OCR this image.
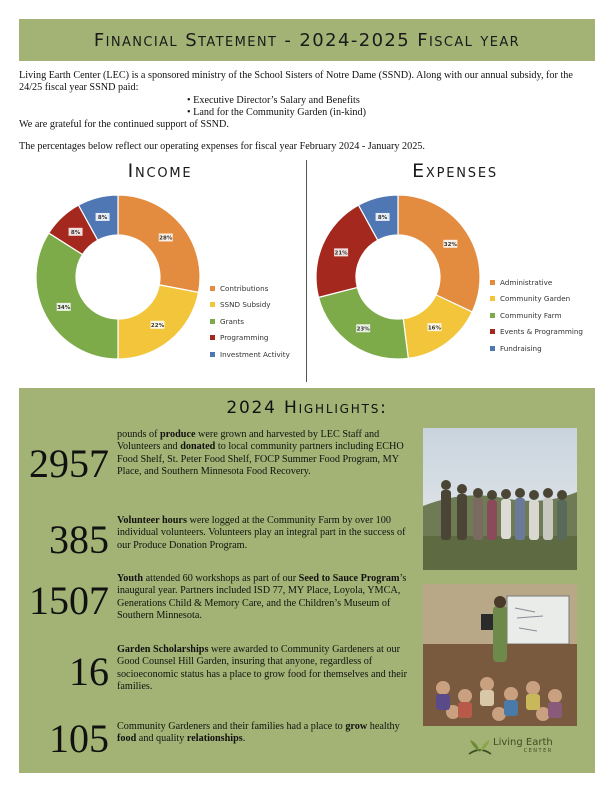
Financial Statement - 2024-2025 Fiscal year

Living Earth Center (LEC) is a sponsored ministry of the School Sisters of Notre Dame (SSND). Along with our annual subsidy, for the 24/25 fiscal year SSND paid:

• Executive Director’s Salary and Benefits
• Land for the Community Garden (in-kind)

We are grateful for the continued support of SSND.

The percentages below reflect our operating expenses for fiscal year February 2024 - January 2025.

Income
28%
22%
34%
8%
8%
Contributions
SSND Subsidy
Grants
Programming
Investment Activity
Expenses
32%
16%
23%
21%
8%
Administrative
Community Garden
Community Farm
Events & Programming
Fundraising
2024 Highlights:
2957
pounds of produce were grown and harvested by LEC Staff and Volunteers and donated to local community partners including ECHO Food Shelf, St. Peter Food Shelf, FOCP Summer Food Program, MY Place, and Southern Minnesota Food Recovery.
385 Volunteer hours were logged at the Community Farm by over 100 individual volunteers. Volunteers play an integral part in the success of our Produce Donation Program.
1507 Youth attended 60 workshops as part of our Seed to Sauce Program’s inaugural year. Partners included ISD 77, MY Place, Loyola, YMCA, Generations Child & Memory Care, and the Children’s Museum of Southern Minnesota.
16 Garden Scholarships were awarded to Community Gardeners at our Good Counsel Hill Garden, insuring that anyone, regardless of socioeconomic status has a place to grow food for themselves and their families.
105 Community Gardeners and their families had a place to grow healthy food and quality relationships.	Living Earth
CENTER
